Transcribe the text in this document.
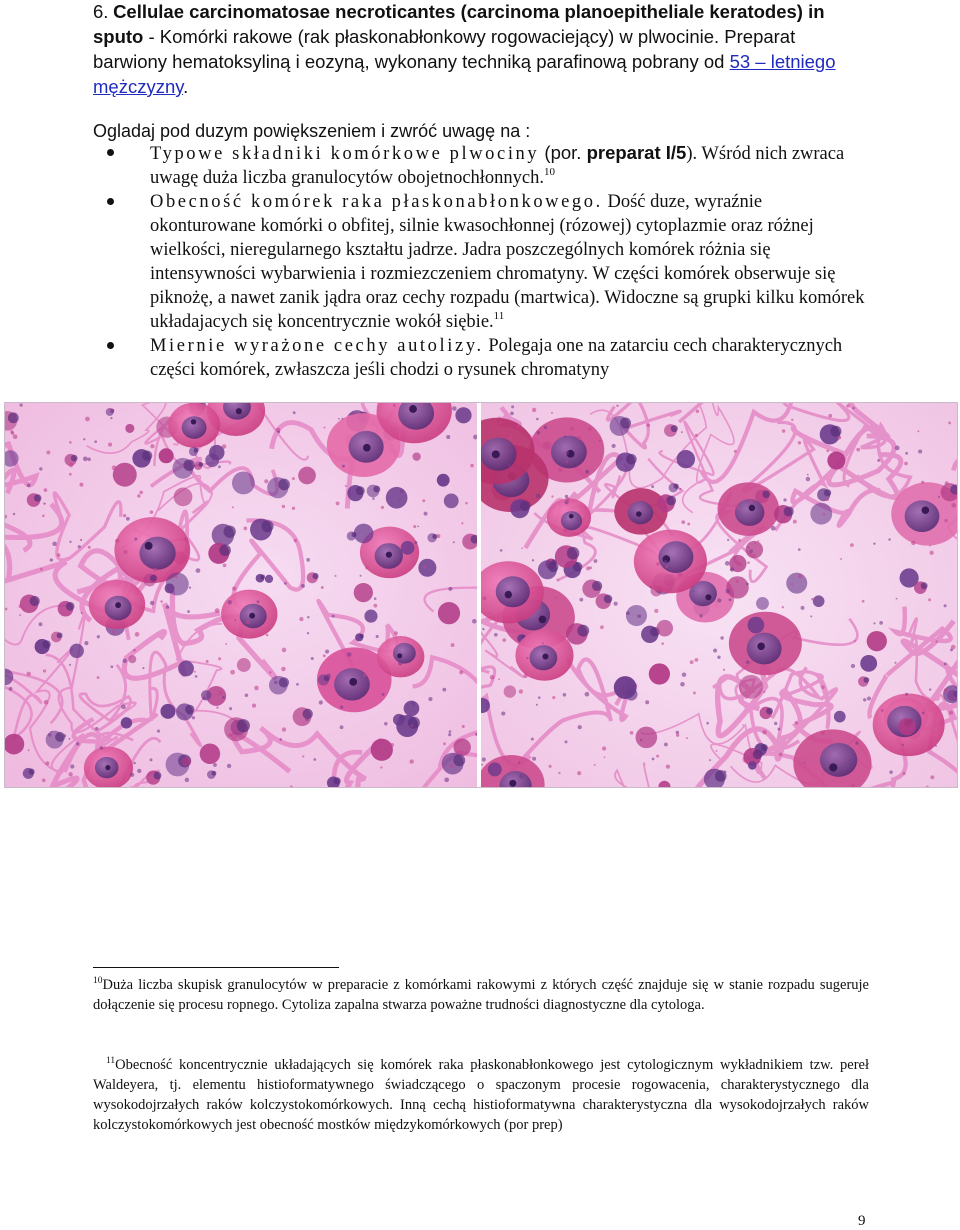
6. Cellulae carcinomatosae necroticantes (carcinoma planoepitheliale keratodes) in sputo - Komórki rakowe (rak płaskonabłonkowy rogowaciejący) w plwocinie. Preparat barwiony hematoksyliną i eozyną, wykonany techniką parafinową pobrany od 53 – letniego mężczyzny.
Ogladaj pod duzym powiększeniem i zwróć uwagę na :
Typowe składniki komórkowe plwociny (por. preparat I/5). Wśród nich zwraca uwagę duża liczba granulocytów obojetnochłonnych.$^{10}$
Obecność komórek raka płaskonabłonkowego. Dość duze, wyraźnie okonturowane komórki o obfitej, silnie kwasochłonnej (rózowej) cytoplazmie oraz różnej wielkości, nieregularnego kształtu jadrze. Jadra poszczególnych komórek różnia się intensywności wybarwienia i rozmiezczeniem chromatyny. W części komórek obserwuje się piknożę, a nawet zanik jądra oraz cechy rozpadu (martwica). Widoczne są grupki kilku komórek układajacych się koncentrycznie wokół siębie.$^{11}$
Miernie wyrażone cechy autolizy. Polegaja one na zatarciu cech charakterycznych części komórek, zwłaszcza jeśli chodzi o rysunek chromatyny

$^{10}$Duża liczba skupisk granulocytów w preparacie z komórkami rakowymi z których część znajduje się w stanie rozpadu sugeruje dołączenie się procesu ropnego. Cytoliza zapalna stwarza poważne trudności diagnostyczne dla cytologa.

$^{11}$Obecność koncentrycznie układających się komórek raka płaskonabłonkowego jest cytologicznym wykładnikiem tzw. pereł Waldeyera, tj. elementu histioformatywnego świadczącego o spaczonym procesie rogowacenia, charakterystycznego dla wysokodojrzałych raków kolczystokomórkowych. Inną cechą histioformatywna charakterystyczna dla wysokodojrzałych raków kolczystokomórkowych jest obecność mostków międzykomórkowych (por prep)

9
